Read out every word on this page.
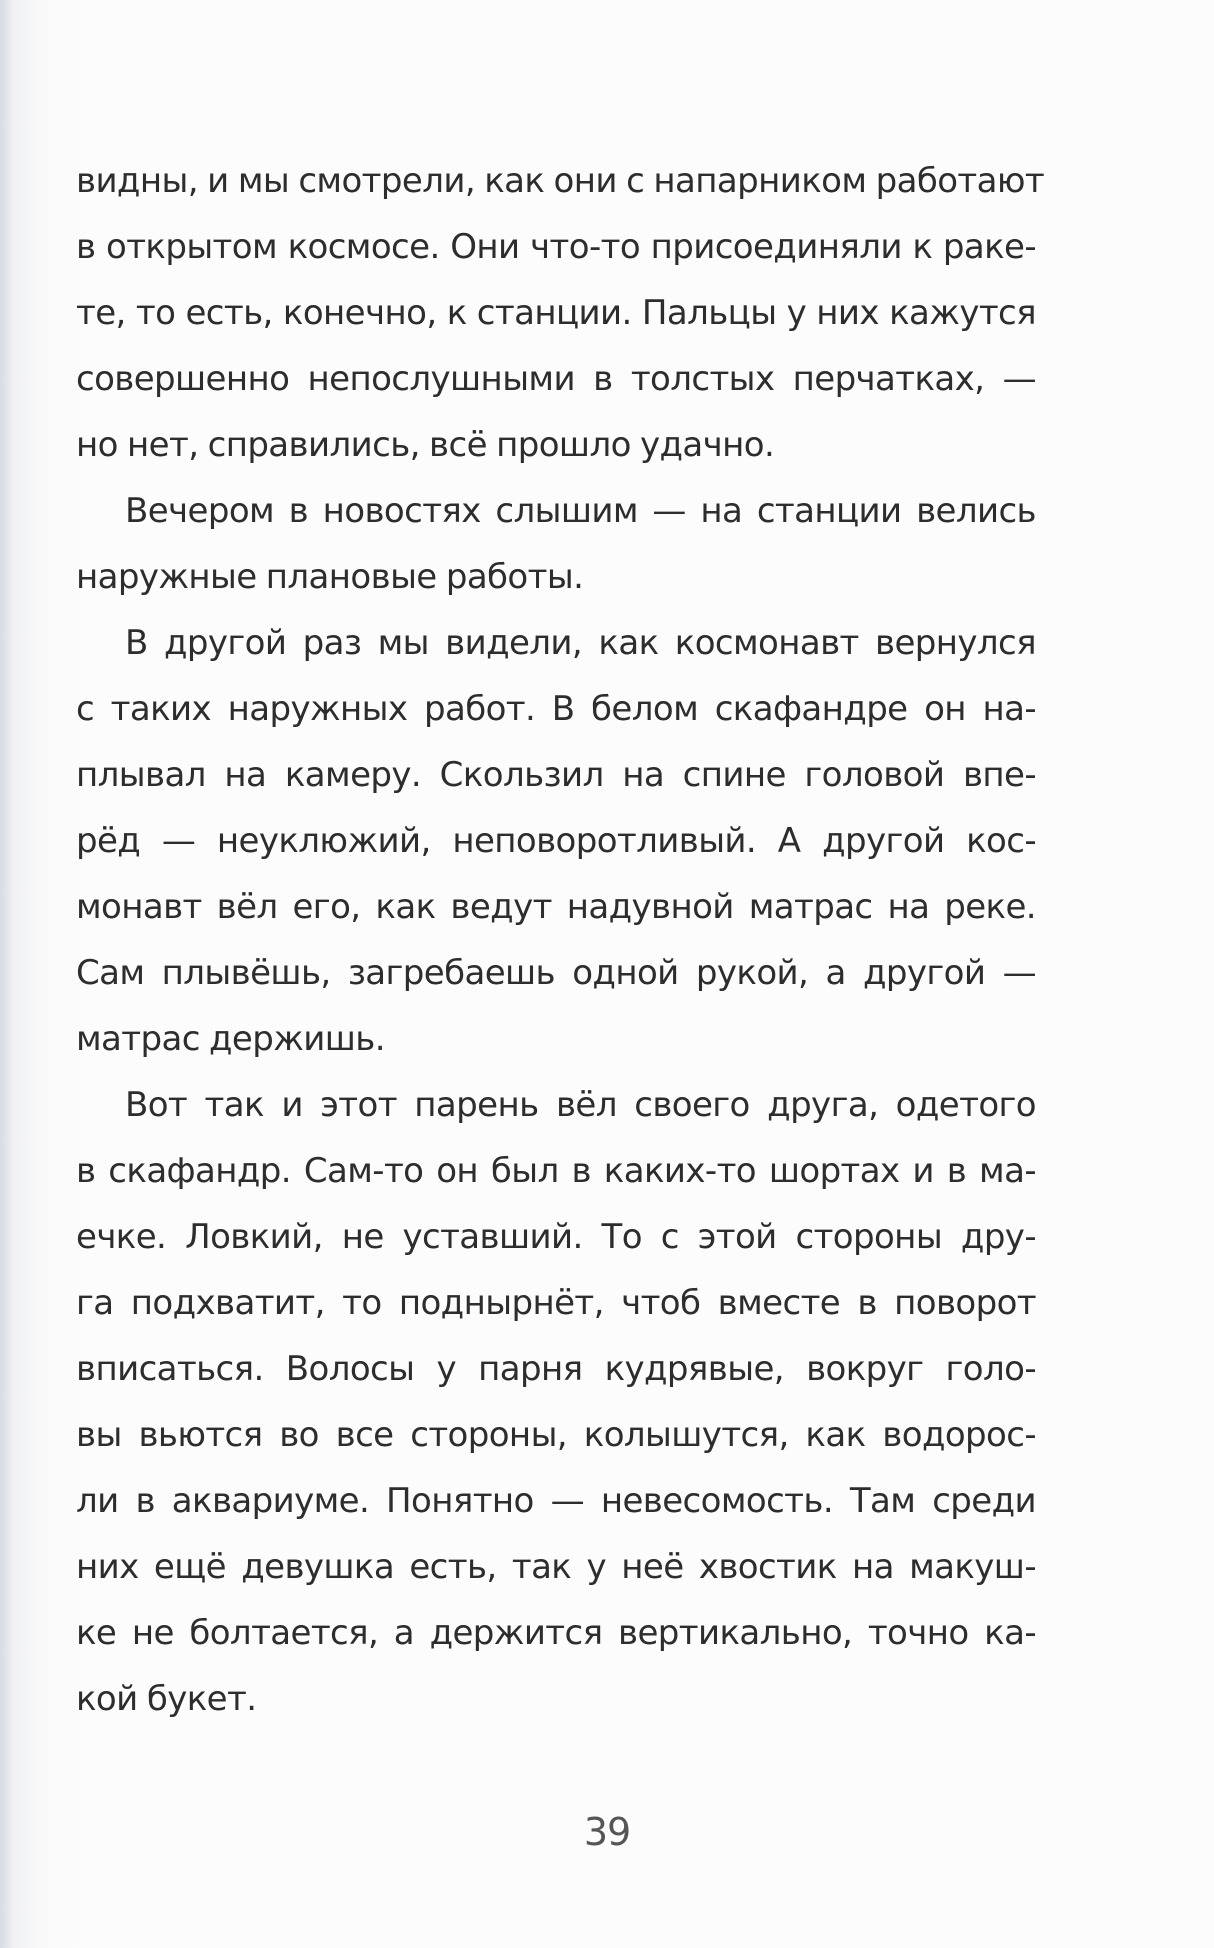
видны, и мы смотрели, как они с напарником работают
в открытом космосе. Они что-то присоединяли к раке-
те, то есть, конечно, к станции. Пальцы у них кажутся
совершенно непослушными в толстых перчатках, —
но нет, справились, всё прошло удачно.
Вечером в новостях слышим — на станции велись
наружные плановые работы.
В другой раз мы видели, как космонавт вернулся
с таких наружных работ. В белом скафандре он на-
плывал на камеру. Скользил на спине головой впе-
рёд — неуклюжий, неповоротливый. А другой кос-
монавт вёл его, как ведут надувной матрас на реке.
Сам плывёшь, загребаешь одной рукой, а другой —
матрас держишь.
Вот так и этот парень вёл своего друга, одетого
в скафандр. Сам-то он был в каких-то шортах и в ма-
ечке. Ловкий, не уставший. То с этой стороны дру-
га подхватит, то поднырнёт, чтоб вместе в поворот
вписаться. Волосы у парня кудрявые, вокруг голо-
вы вьются во все стороны, колышутся, как водорос-
ли в аквариуме. Понятно — невесомость. Там среди
них ещё девушка есть, так у неё хвостик на макуш-
ке не болтается, а держится вертикально, точно ка-
кой букет.
39
